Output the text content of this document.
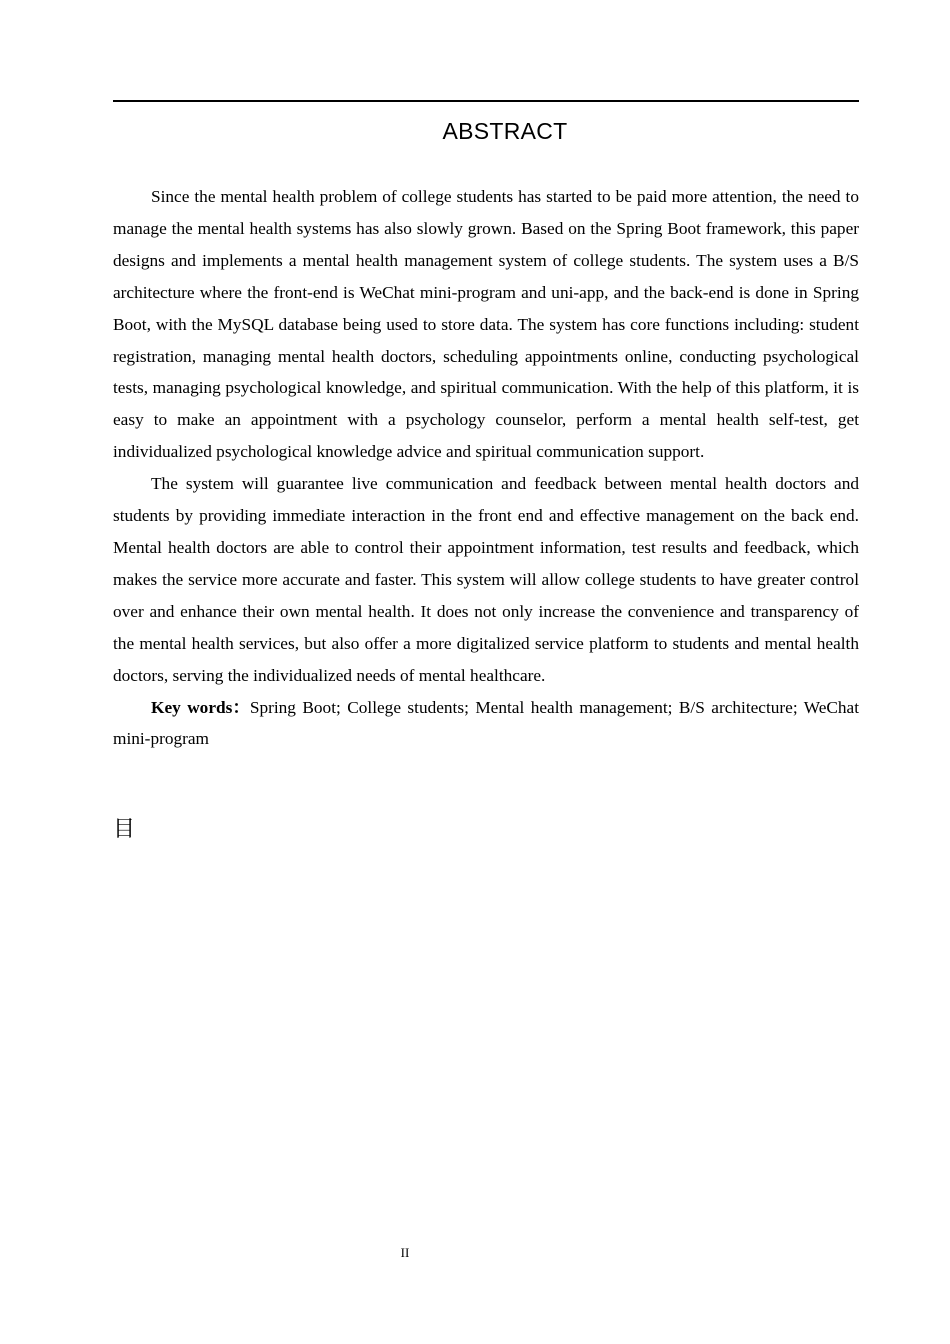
ABSTRACT

Since the mental health problem of college students has started to be paid more attention, the need to manage the mental health systems has also slowly grown. Based on the Spring Boot framework, this paper designs and implements a mental health management system of college students. The system uses a B/S architecture where the front-end is WeChat mini-program and uni-app, and the back-end is done in Spring Boot, with the MySQL database being used to store data. The system has core functions including: student registration, managing mental health doctors, scheduling appointments online, conducting psychological tests, managing psychological knowledge, and spiritual communication. With the help of this platform, it is easy to make an appointment with a psychology counselor, perform a mental health self-test, get individualized psychological knowledge advice and spiritual communication support.

The system will guarantee live communication and feedback between mental health doctors and students by providing immediate interaction in the front end and effective management on the back end. Mental health doctors are able to control their appointment information, test results and feedback, which makes the service more accurate and faster. This system will allow college students to have greater control over and enhance their own mental health. It does not only increase the convenience and transparency of the mental health services, but also offer a more digitalized service platform to students and mental health doctors, serving the individualized needs of mental healthcare.

Key words：Spring Boot; College students; Mental health management; B/S architecture; WeChat mini-program

目
II
